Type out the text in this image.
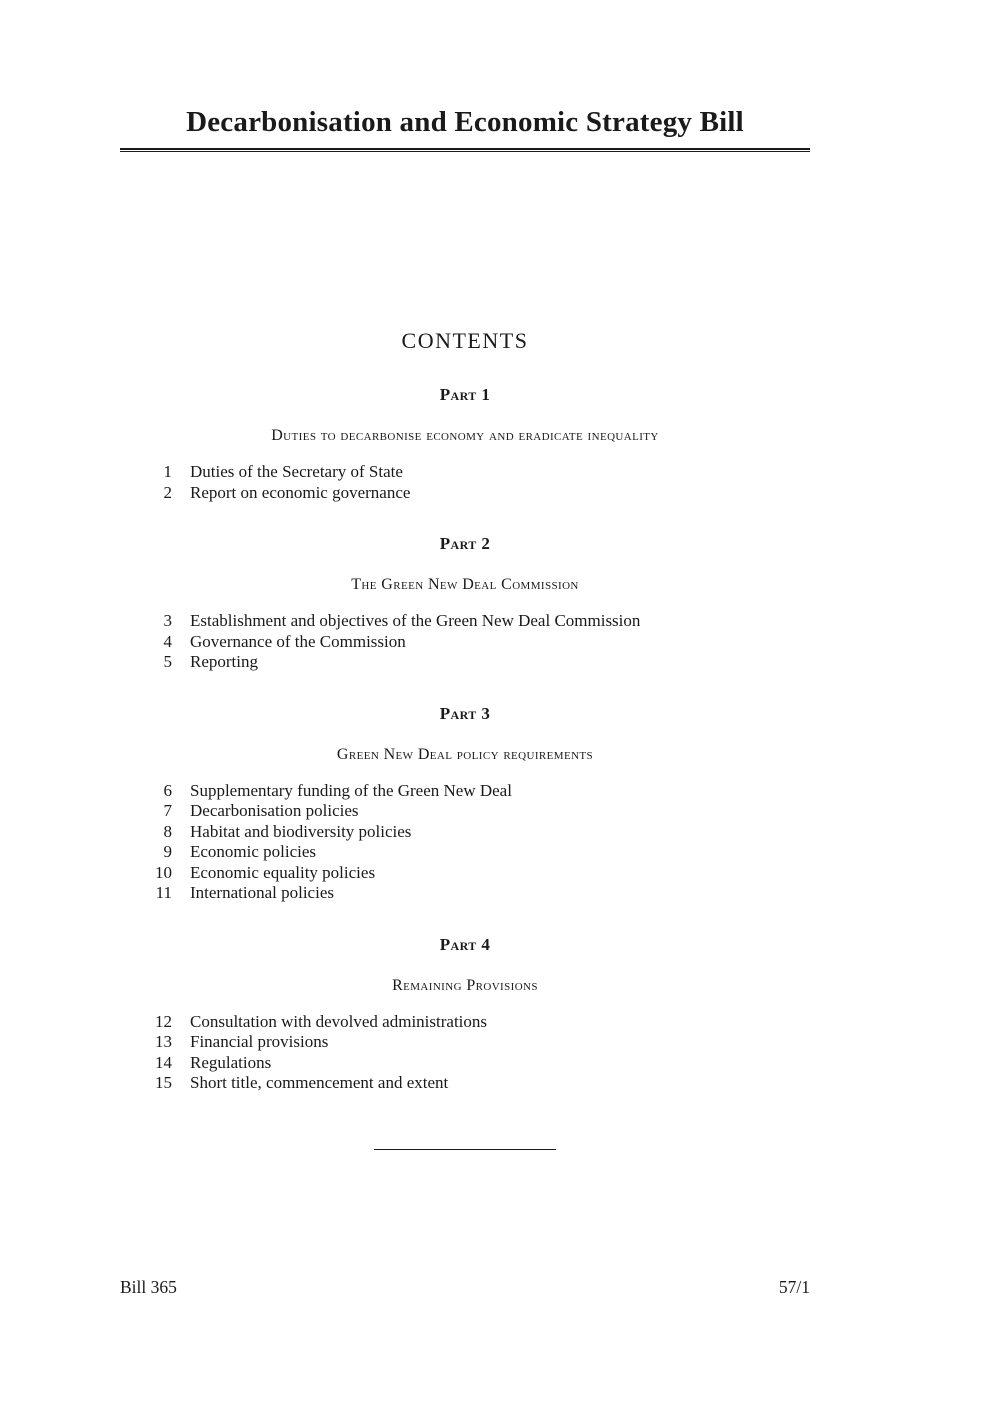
Decarbonisation and Economic Strategy Bill
CONTENTS
Part 1
Duties to decarbonise economy and eradicate inequality
1 Duties of the Secretary of State
2 Report on economic governance
Part 2
The Green New Deal Commission
3 Establishment and objectives of the Green New Deal Commission
4 Governance of the Commission
5 Reporting
Part 3
Green New Deal policy requirements
6 Supplementary funding of the Green New Deal
7 Decarbonisation policies
8 Habitat and biodiversity policies
9 Economic policies
10 Economic equality policies
11 International policies
Part 4
Remaining Provisions
12 Consultation with devolved administrations
13 Financial provisions
14 Regulations
15 Short title, commencement and extent
Bill 365	57/1
